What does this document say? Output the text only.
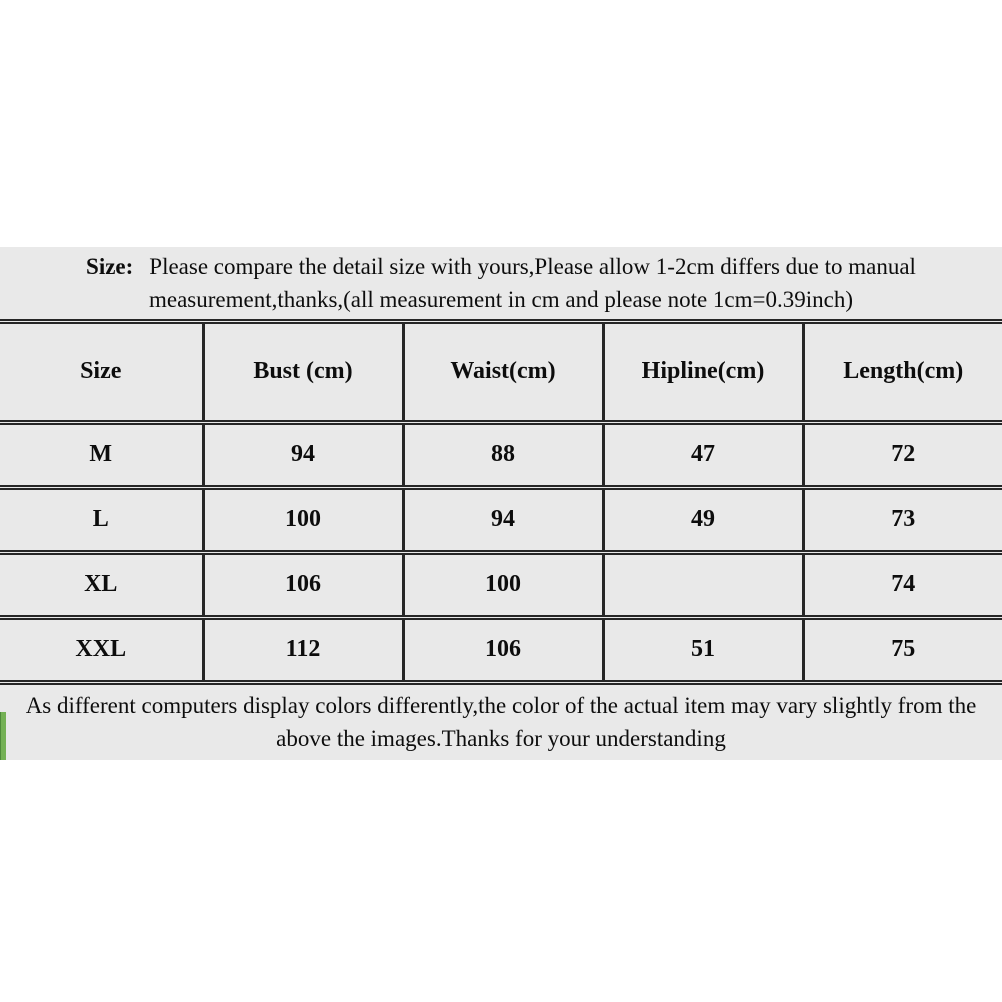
Size: Please compare the detail size with yours,Please allow 1-2cm differs due to manual
measurement,thanks,(all measurement in cm and please note 1cm=0.39inch)				

Size	Bust (cm)	Waist(cm)	Hipline(cm)	Length(cm)
M	94	88	47	72
L	100	94	49	73
XL	106	100		74
XXL	112	106	51	75

As different computers display colors differently,the color of the actual item may vary slightly from the
above the images.Thanks for your understanding				
